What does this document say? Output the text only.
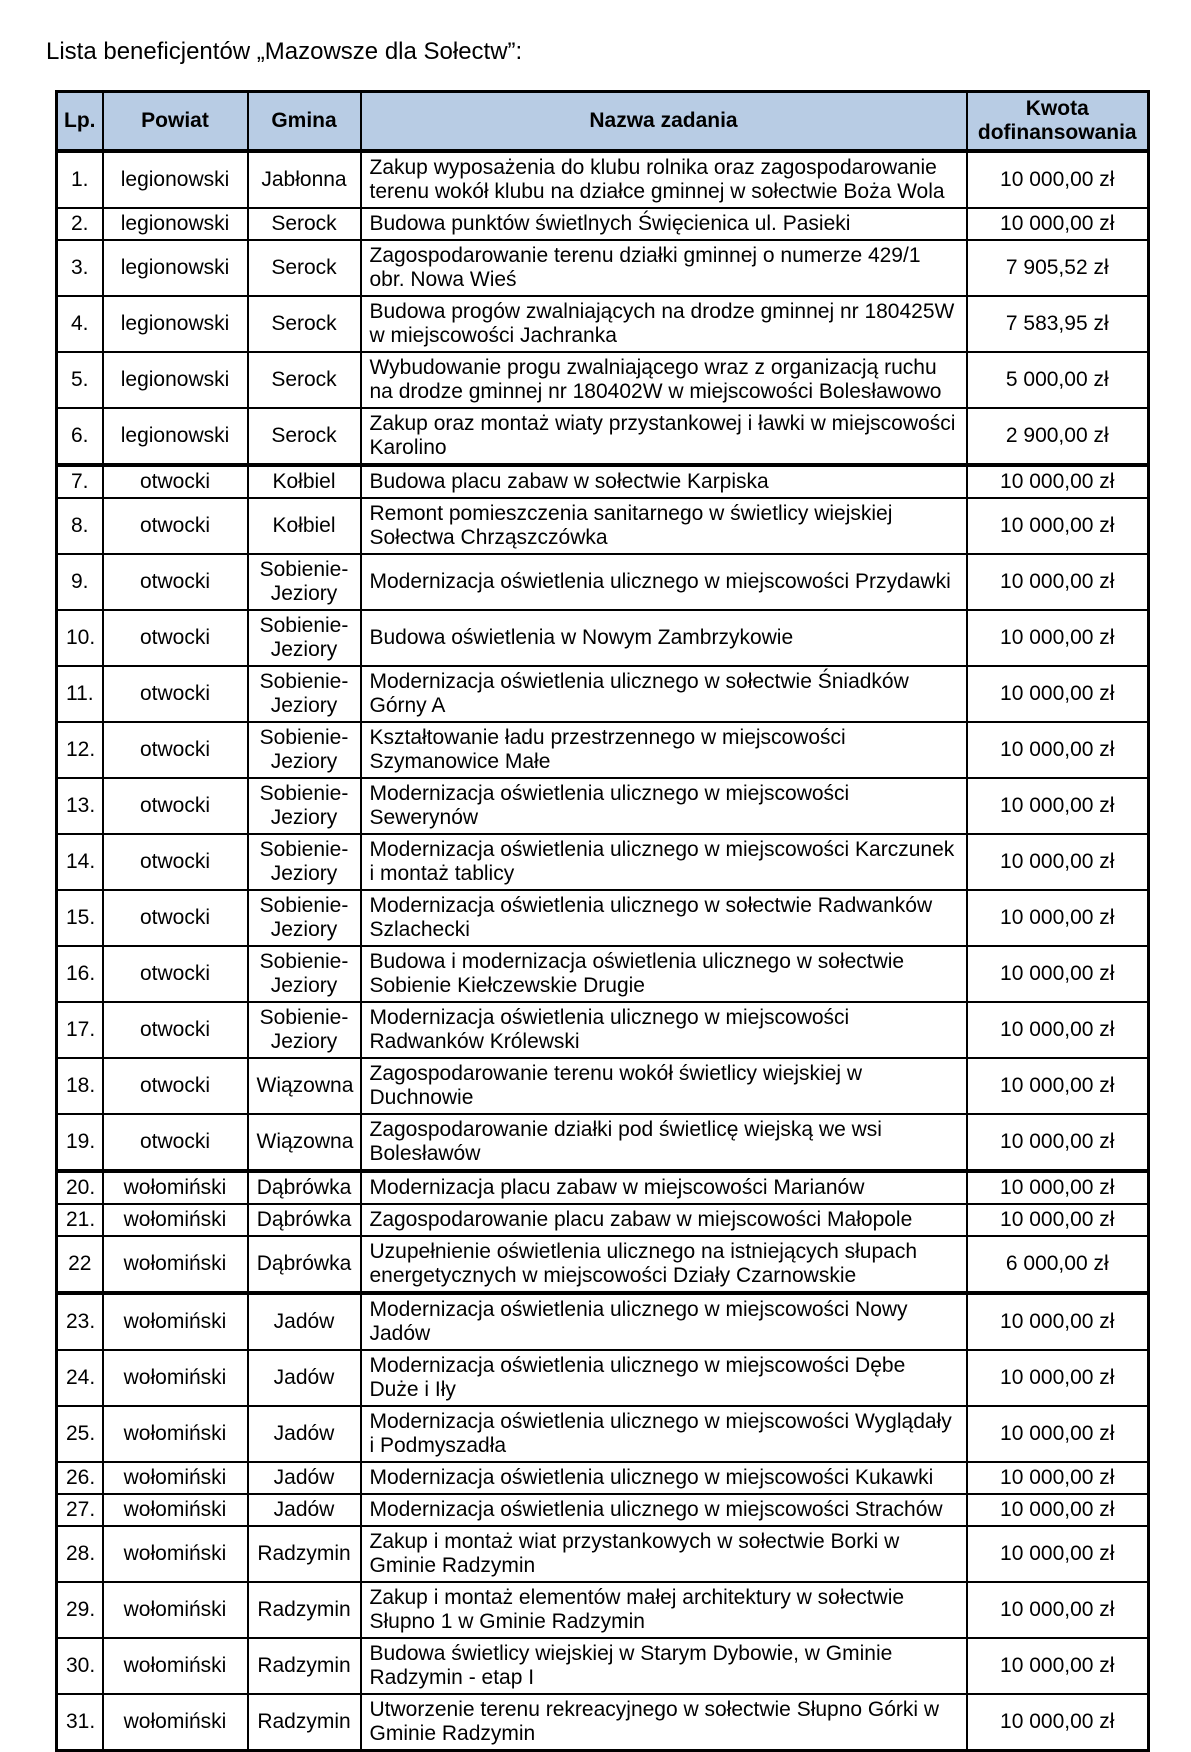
Lista beneficjentów „Mazowsze dla Sołectw”:
Lp.	Powiat	Gmina	Nazwa zadania	Kwota dofinansowania
1.	legionowski	Jabłonna	Zakup wyposażenia do klubu rolnika oraz zagospodarowanie terenu wokół klubu na działce gminnej w sołectwie Boża Wola	10 000,00 zł
2.	legionowski	Serock	Budowa punktów świetlnych Święcienica ul. Pasieki	10 000,00 zł
3.	legionowski	Serock	Zagospodarowanie terenu działki gminnej o numerze 429/1 obr. Nowa Wieś	7 905,52 zł
4.	legionowski	Serock	Budowa progów zwalniających na drodze gminnej nr 180425W w miejscowości Jachranka	7 583,95 zł
5.	legionowski	Serock	Wybudowanie progu zwalniającego wraz z organizacją ruchu na drodze gminnej nr 180402W w miejscowości Bolesławowo	5 000,00 zł
6.	legionowski	Serock	Zakup oraz montaż wiaty przystankowej i ławki w miejscowości Karolino	2 900,00 zł
7.	otwocki	Kołbiel	Budowa placu zabaw w sołectwie Karpiska	10 000,00 zł
8.	otwocki	Kołbiel	Remont pomieszczenia sanitarnego w świetlicy wiejskiej Sołectwa Chrząszczówka	10 000,00 zł
9.	otwocki	Sobienie-Jeziory	Modernizacja oświetlenia ulicznego w miejscowości Przydawki	10 000,00 zł
10.	otwocki	Sobienie-Jeziory	Budowa oświetlenia w Nowym Zambrzykowie	10 000,00 zł
11.	otwocki	Sobienie-Jeziory	Modernizacja oświetlenia ulicznego w sołectwie Śniadków Górny A	10 000,00 zł
12.	otwocki	Sobienie-Jeziory	Kształtowanie ładu przestrzennego w miejscowości Szymanowice Małe	10 000,00 zł
13.	otwocki	Sobienie-Jeziory	Modernizacja oświetlenia ulicznego w miejscowości Sewerynów	10 000,00 zł
14.	otwocki	Sobienie-Jeziory	Modernizacja oświetlenia ulicznego w miejscowości Karczunek i montaż tablicy	10 000,00 zł
15.	otwocki	Sobienie-Jeziory	Modernizacja oświetlenia ulicznego w sołectwie Radwanków Szlachecki	10 000,00 zł
16.	otwocki	Sobienie-Jeziory	Budowa i modernizacja oświetlenia ulicznego w sołectwie Sobienie Kiełczewskie Drugie	10 000,00 zł
17.	otwocki	Sobienie-Jeziory	Modernizacja oświetlenia ulicznego w miejscowości Radwanków Królewski	10 000,00 zł
18.	otwocki	Wiązowna	Zagospodarowanie terenu wokół świetlicy wiejskiej w Duchnowie	10 000,00 zł
19.	otwocki	Wiązowna	Zagospodarowanie działki pod świetlicę wiejską we wsi Bolesławów	10 000,00 zł
20.	wołomiński	Dąbrówka	Modernizacja placu zabaw w miejscowości Marianów	10 000,00 zł
21.	wołomiński	Dąbrówka	Zagospodarowanie placu zabaw w miejscowości Małopole	10 000,00 zł
22	wołomiński	Dąbrówka	Uzupełnienie oświetlenia ulicznego na istniejących słupach energetycznych w miejscowości Działy Czarnowskie	6 000,00 zł
23.	wołomiński	Jadów	Modernizacja oświetlenia ulicznego w miejscowości Nowy Jadów	10 000,00 zł
24.	wołomiński	Jadów	Modernizacja oświetlenia ulicznego w miejscowości Dębe Duże i Iły	10 000,00 zł
25.	wołomiński	Jadów	Modernizacja oświetlenia ulicznego w miejscowości Wyglądały i Podmyszadła	10 000,00 zł
26.	wołomiński	Jadów	Modernizacja oświetlenia ulicznego w miejscowości Kukawki	10 000,00 zł
27.	wołomiński	Jadów	Modernizacja oświetlenia ulicznego w miejscowości Strachów	10 000,00 zł
28.	wołomiński	Radzymin	Zakup i montaż wiat przystankowych w sołectwie Borki w Gminie Radzymin	10 000,00 zł
29.	wołomiński	Radzymin	Zakup i montaż elementów małej architektury w sołectwie Słupno 1 w Gminie Radzymin	10 000,00 zł
30.	wołomiński	Radzymin	Budowa świetlicy wiejskiej w Starym Dybowie, w Gminie Radzymin - etap I	10 000,00 zł
31.	wołomiński	Radzymin	Utworzenie terenu rekreacyjnego w sołectwie Słupno Górki w Gminie Radzymin	10 000,00 zł
